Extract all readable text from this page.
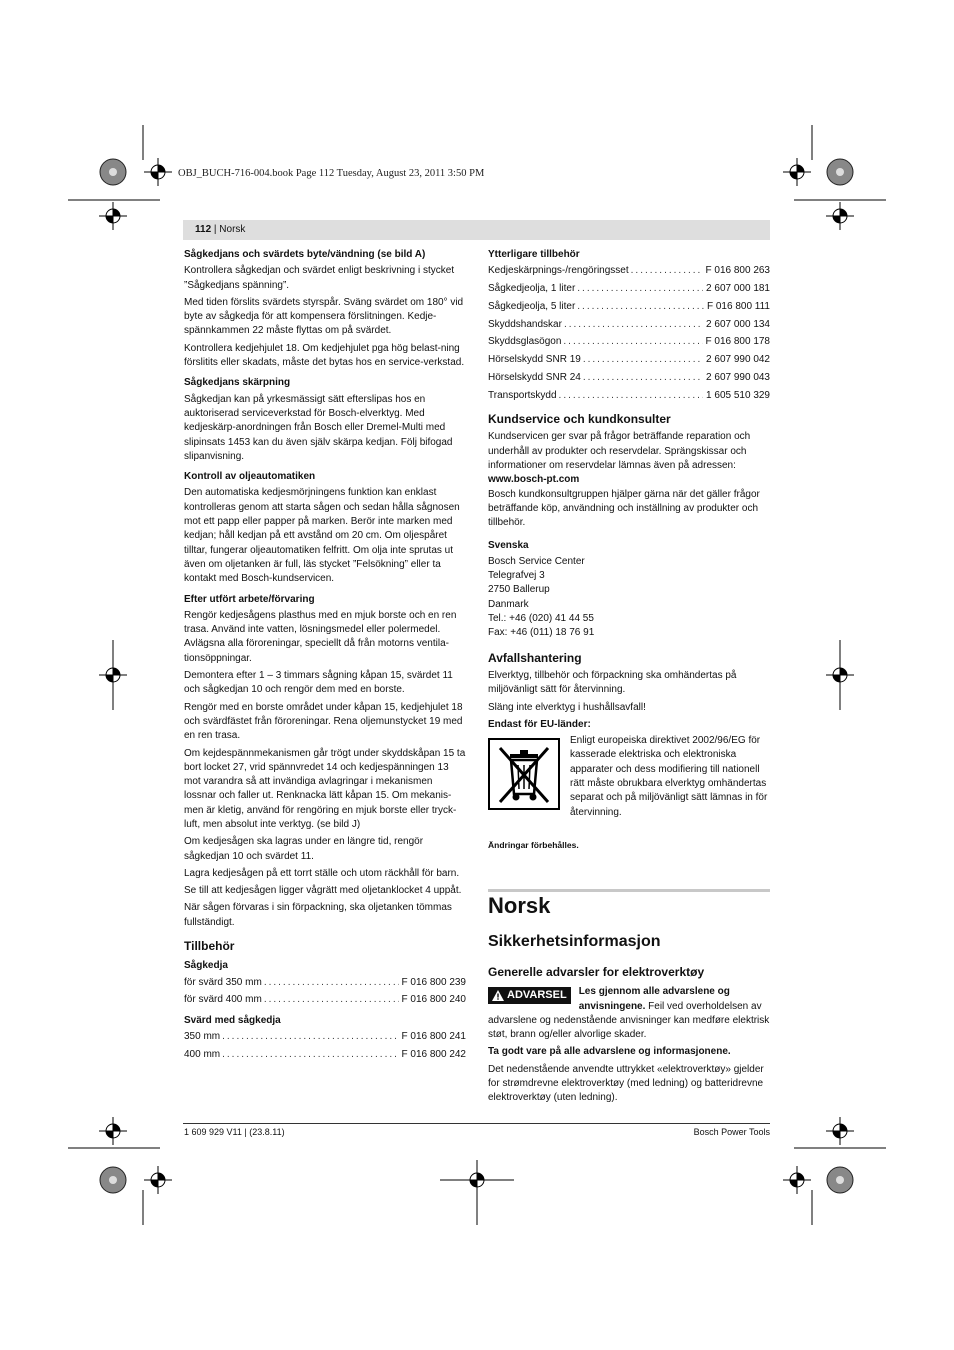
OBJ_BUCH-716-004.book Page 112 Tuesday, August 23, 2011 3:50 PM
112 | Norsk
Sågkedjans och svärdets byte/vändning (se bild A)

Kontrollera sågkedjan och svärdet enligt beskrivning i stycket ”Sågkedjans spänning”.

Med tiden förslits svärdets styrspår. Sväng svärdet om 180° vid byte av sågkedja för att kompensera förslitningen. Kedje-spännkammen 22 måste flyttas om på svärdet.

Kontrollera kedjehjulet 18. Om kedjehjulet pga hög belast-ning förslitits eller skadats, måste det bytas hos en service-verkstad.

Sågkedjans skärpning

Sågkedjan kan på yrkesmässigt sätt efterslipas hos en auktoriserad serviceverkstad för Bosch-elverktyg. Med kedjeskärp-anordningen från Bosch eller Dremel-Multi med slipinsats 1453 kan du även själv skärpa kedjan. Följ bifogad slipanvisning.

Kontroll av oljeautomatiken

Den automatiska kedjesmörjningens funktion kan enklast kontrolleras genom att starta sågen och sedan hålla sågnosen mot ett papp eller papper på marken. Berör inte marken med kedjan; håll kedjan på ett avstånd om 20 cm. Om oljespåret tilltar, fungerar oljeautomatiken felfritt. Om olja inte sprutas ut även om oljetanken är full, läs stycket ”Felsökning” eller ta kontakt med Bosch-kundservicen.

Efter utfört arbete/förvaring

Rengör kedjesågens plasthus med en mjuk borste och en ren trasa. Använd inte vatten, lösningsmedel eller polermedel. Avlägsna alla föroreningar, speciellt då från motorns ventila-tionsöppningar.

Demontera efter 1 – 3 timmars sågning kåpan 15, svärdet 11 och sågkedjan 10 och rengör dem med en borste.

Rengör med en borste området under kåpan 15, kedjehjulet 18 och svärdfästet från föroreningar. Rena oljemunstycket 19 med en ren trasa.

Om kejdespännmekanismen går trögt under skyddskåpan 15 ta bort locket 27, vrid spännvredet 14 och kedjespänningen 13 mot varandra så att invändiga avlagringar i mekanismen lossnar och faller ut. Renknacka lätt kåpan 15. Om mekanis-men är kletig, använd för rengöring en mjuk borste eller tryck-luft, men absolut inte verktyg. (se bild J)

Om kedjesågen ska lagras under en längre tid, rengör sågkedjan 10 och svärdet 11.

Lagra kedjesågen på ett torrt ställe och utom räckhåll för barn.

Se till att kedjesågen ligger vågrätt med oljetanklocket 4 uppåt.

När sågen förvaras i sin förpackning, ska oljetanken tömmas fullständigt.

Tillbehör
Sågkedja
för svärd 350 mm .....	F 016 800 239
för svärd 400 mm .....	F 016 800 240
Svärd med sågkedja
350 mm .....	F 016 800 241
400 mm .....	F 016 800 242
Ytterligare tillbehör
Kedjeskärpnings-/rengöringsset .....	F 016 800 263
Sågkedjeolja, 1 liter .....	2 607 000 181
Sågkedjeolja, 5 liter .....	F 016 800 111
Skyddshandskar .....	2 607 000 134
Skyddsglasögon .....	F 016 800 178
Hörselskydd SNR 19 .....	2 607 990 042
Hörselskydd SNR 24 .....	2 607 990 043
Transportskydd .....	1 605 510 329
Kundservice och kundkonsulter

Kundservicen ger svar på frågor beträffande reparation och underhåll av produkter och reservdelar. Sprängskissar och informationer om reservdelar lämnas även på adressen:

www.bosch-pt.com

Bosch kundkonsultgruppen hjälper gärna när det gäller frågor beträffande köp, användning och inställning av produkter och tillbehör.

Svenska

Bosch Service Center

Telegrafvej 3

2750 Ballerup

Danmark

Tel.: +46 (020) 41 44 55

Fax: +46 (011) 18 76 91

Avfallshantering

Elverktyg, tillbehör och förpackning ska omhändertas på miljövänligt sätt för återvinning.

Släng inte elverktyg i hushållsavfall!

Endast för EU-länder:

Enligt europeiska direktivet 2002/96/EG för kasserade elektriska och elektroniska apparater och dess modifiering till nationell rätt måste obrukbara elverktyg omhändertas separat och på miljövänligt sätt lämnas in för återvinning.

Ändringar förbehålles.

Norsk
Sikkerhetsinformasjon
Generelle advarsler for elektroverktøy

ADVARSEL Les gjennom alle advarslene og anvisningene. Feil ved overholdelsen av advarslene og nedenstående anvisninger kan medføre elektrisk støt, brann og/eller alvorlige skader.

Ta godt vare på alle advarslene og informasjonene.

Det nedenstående anvendte uttrykket «elektroverktøy» gjelder for strømdrevne elektroverktøy (med ledning) og batteridrevne elektroverktøy (uten ledning).

1 609 929 V11 | (23.8.11)	Bosch Power Tools
